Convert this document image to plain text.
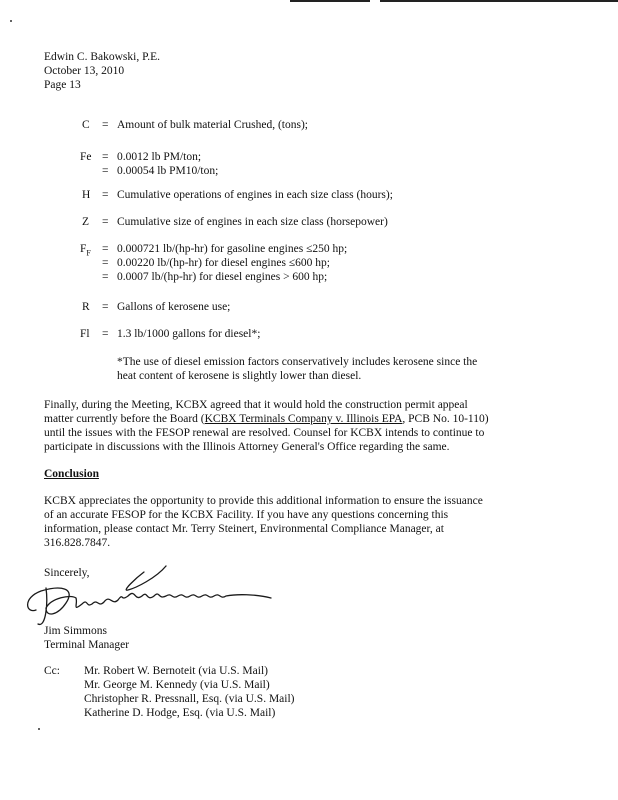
Edwin C. Bakowski, P.E.
October 13, 2010
Page 13
C = Amount of bulk material Crushed, (tons);
Fe = 0.0012 lb PM/ton;
= 0.00054 lb PM10/ton;
H = Cumulative operations of engines in each size class (hours);
Z = Cumulative size of engines in each size class (horsepower)
$F_F = 0.000721$ lb/(hp-hr) for gasoline engines ≤250 hp;
= 0.00220 lb/(hp-hr) for diesel engines ≤600 hp;
= 0.0007 lb/(hp-hr) for diesel engines > 600 hp;
R = Gallons of kerosene use;
Fl = 1.3 lb/1000 gallons for diesel*;
*The use of diesel emission factors conservatively includes kerosene since the
heat content of kerosene is slightly lower than diesel.
Finally, during the Meeting, KCBX agreed that it would hold the construction permit appeal
matter currently before the Board (KCBX Terminals Company v. Illinois EPA, PCB No. 10-110)
until the issues with the FESOP renewal are resolved. Counsel for KCBX intends to continue to
participate in discussions with the Illinois Attorney General's Office regarding the same.
Conclusion
KCBX appreciates the opportunity to provide this additional information to ensure the issuance
of an accurate FESOP for the KCBX Facility. If you have any questions concerning this
information, please contact Mr. Terry Steinert, Environmental Compliance Manager, at
316.828.7847.
Sincerely,
Jim Simmons
Terminal Manager
Cc: Mr. Robert W. Bernoteit (via U.S. Mail)
Mr. George M. Kennedy (via U.S. Mail)
Christopher R. Pressnall, Esq. (via U.S. Mail)
Katherine D. Hodge, Esq. (via U.S. Mail)
